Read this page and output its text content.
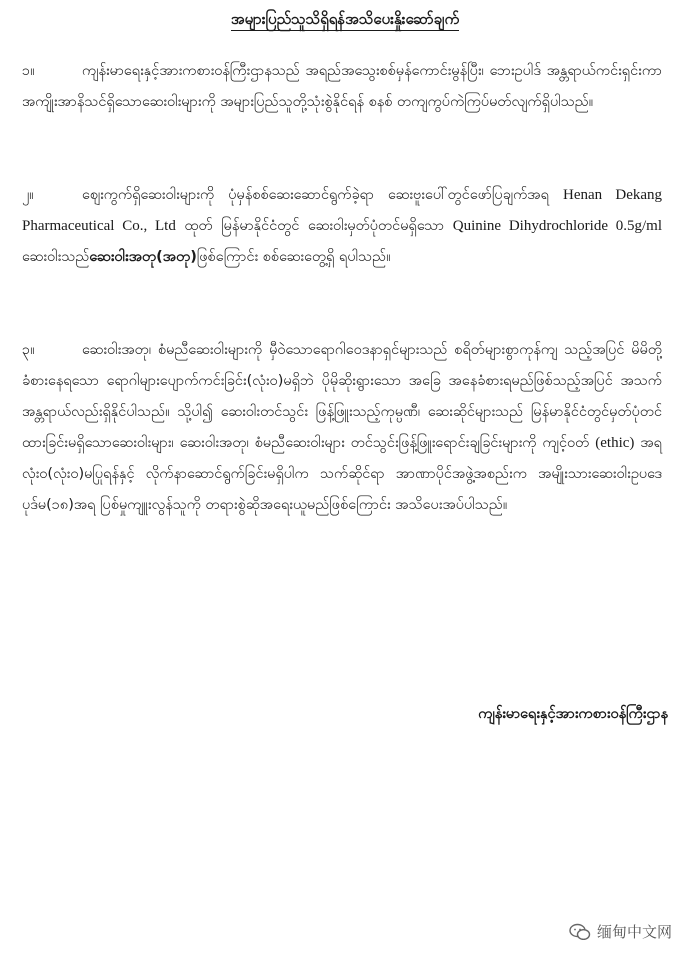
အများပြည်သူသိရှိရန်အသိပေးနှိုးဆော်ချက်
၁။	ကျန်းမာရေးနှင့်အားကစားဝန်ကြီးဌာနသည် အရည်အသွေးစစ်မှန်ကောင်းမွန်ပြီး၊ ဘေးဥပါဒ် အန္တရာယ်ကင်းရှင်းကာ အကျိုးအာနိသင်ရှိသောဆေးဝါးများကို အများပြည်သူတို့သုံးစွဲနိုင်ရန် စနစ် တကျကွပ်ကဲကြပ်မတ်လျက်ရှိပါသည်။
၂။	ဈေးကွက်ရှိဆေးဝါးများကို ပုံမှန်စစ်ဆေးဆောင်ရွက်ခဲ့ရာ ဆေးဗူးပေါ်တွင်ဖော်ပြချက်အရ Henan Dekang Pharmaceutical Co., Ltd ထုတ် မြန်မာနိုင်ငံတွင် ဆေးဝါးမှတ်ပုံတင်မရှိသော Quinine Dihydrochloride 0.5g/ml ဆေးဝါးသည်ဆေးဝါးအတု(အတု)ဖြစ်ကြောင်း စစ်ဆေးတွေ့ရှိ ရပါသည်။
၃။	ဆေးဝါးအတု၊ စံမညီဆေးဝါးများကို မှီဝဲသောရောဂါဝေဒနာရှင်များသည် စရိတ်များစွာကုန်ကျ သည့်အပြင် မိမိတို့ခံစားနေရသော ရောဂါများပျောက်ကင်းခြင်း(လုံးဝ)မရှိဘဲ ပိုမိုဆိုးရွားသော အခြေ အနေခံစားရမည်ဖြစ်သည့်အပြင် အသက်အန္တရာယ်လည်းရှိနိုင်ပါသည်။ သို့ပါ၍ ဆေးဝါးတင်သွင်း ဖြန့်ဖြူးသည့်ကုမ္ပဏီ၊ ဆေးဆိုင်များသည် မြန်မာနိုင်ငံတွင်မှတ်ပုံတင်ထားခြင်းမရှိသောဆေးဝါးများ၊ ဆေးဝါးအတု၊ စံမညီဆေးဝါးများ တင်သွင်းဖြန့်ဖြူးရောင်းချခြင်းများကို ကျင့်ဝတ် (ethic) အရ လုံးဝ(လုံးဝ)မပြုရန်နှင့် လိုက်နာဆောင်ရွက်ခြင်းမရှိပါက သက်ဆိုင်ရာ အာဏာပိုင်အဖွဲ့အစည်းက အမျိုးသားဆေးဝါးဥပဒေပုဒ်မ(၁၈)အရ ပြစ်မှုကျူးလွန်သူကို တရားစွဲဆိုအရေးယူမည်ဖြစ်ကြောင်း အသိပေးအပ်ပါသည်။
ကျန်းမာရေးနှင့်အားကစားဝန်ကြီးဌာန
缅甸中文网
